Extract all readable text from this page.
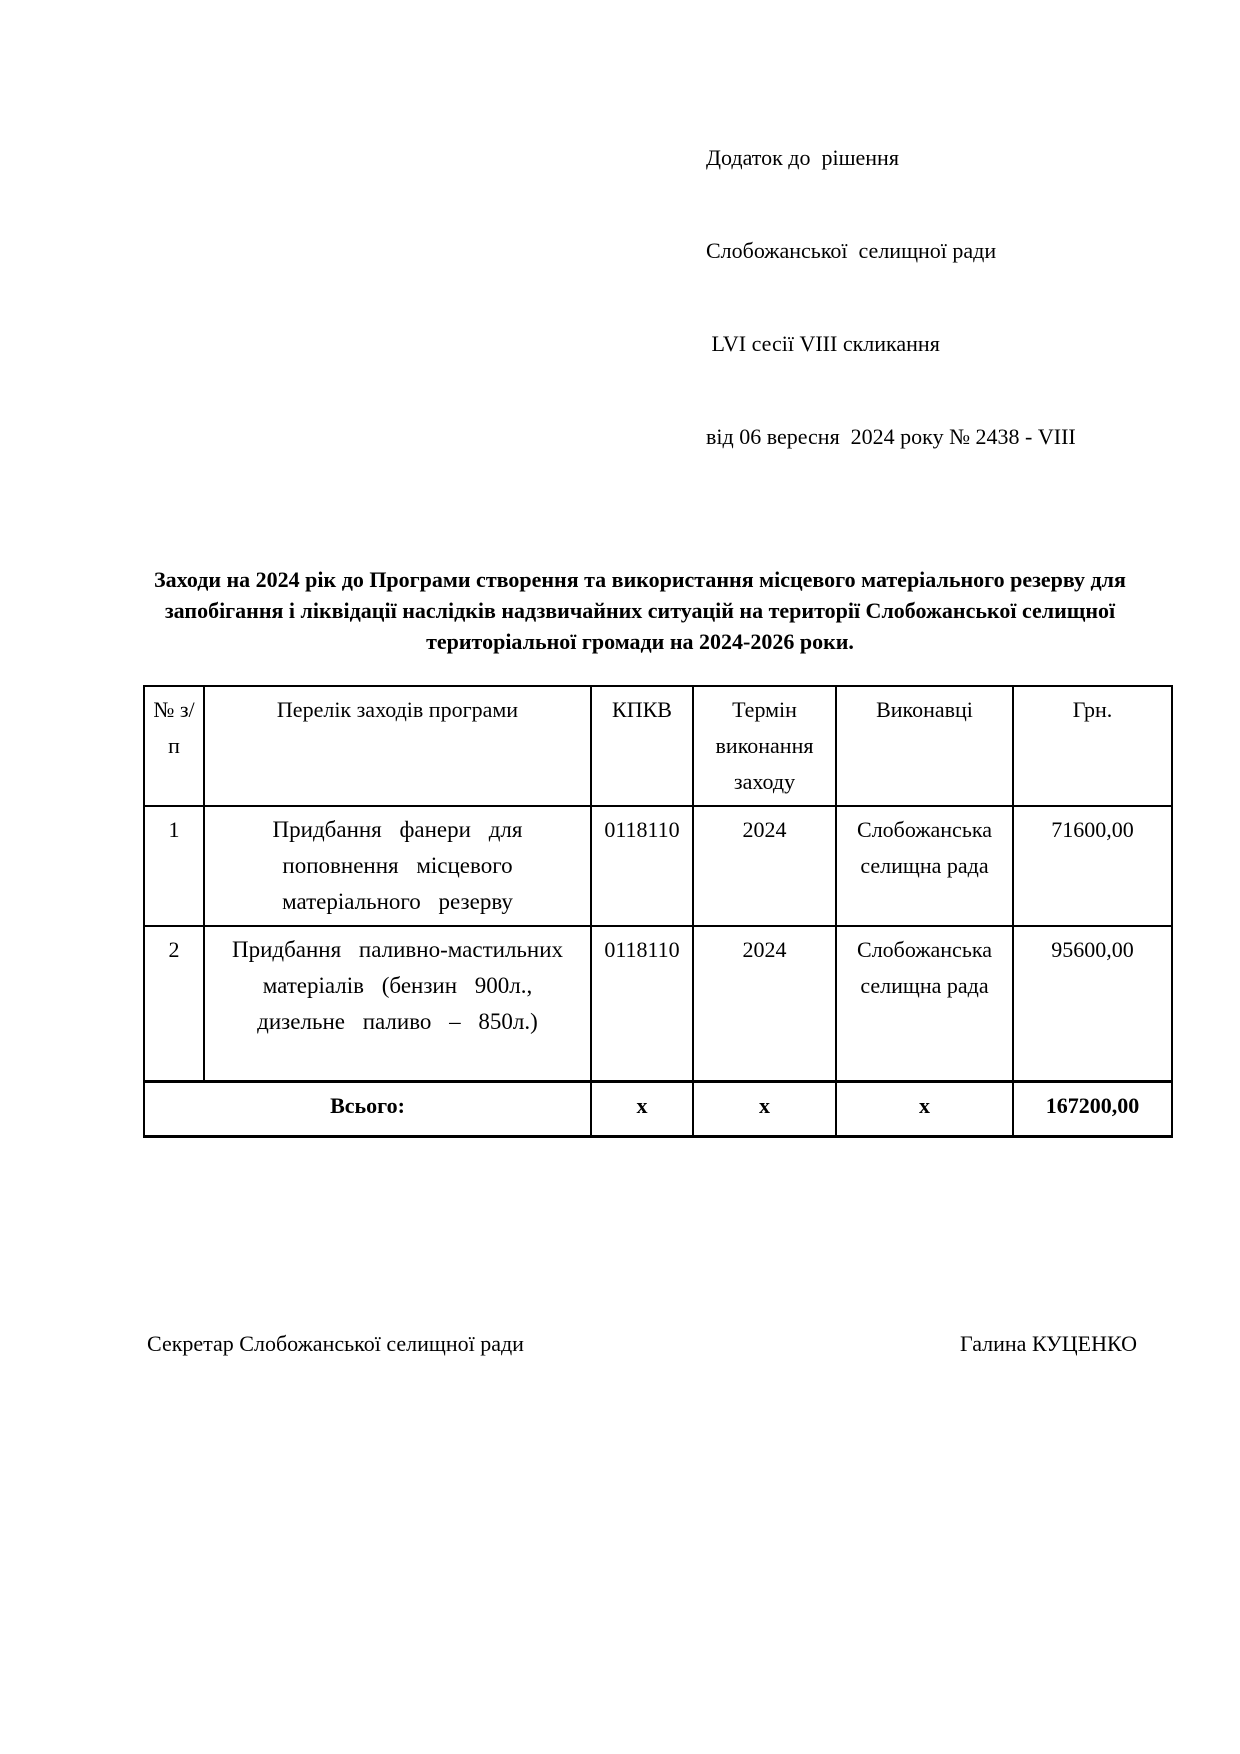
Додаток до  рішення

Слобожанської  селищної ради

LVI сесії VIII скликання

від 06 вересня  2024 року № 2438 - VIII

Заходи на 2024 рік до Програми створення та використання місцевого матеріального резерву для запобігання і ліквідації наслідків надзвичайних ситуацій на території Слобожанської селищної територіальної громади на 2024-2026 роки.
№ з/п	Перелік заходів програми	КПКВ	Термін виконання заходу	Виконавці	Грн.
1	Придбання фанери для поповнення місцевого матеріального резерву	0118110	2024	Слобожанська селищна рада	71600,00
2	Придбання паливно-мастильних матеріалів (бензин 900л., дизельне паливо – 850л.)	0118110	2024	Слобожанська селищна рада	95600,00
Всього:		х	х	х	167200,00
Секретар Слобожанської селищної ради	Галина КУЦЕНКО
